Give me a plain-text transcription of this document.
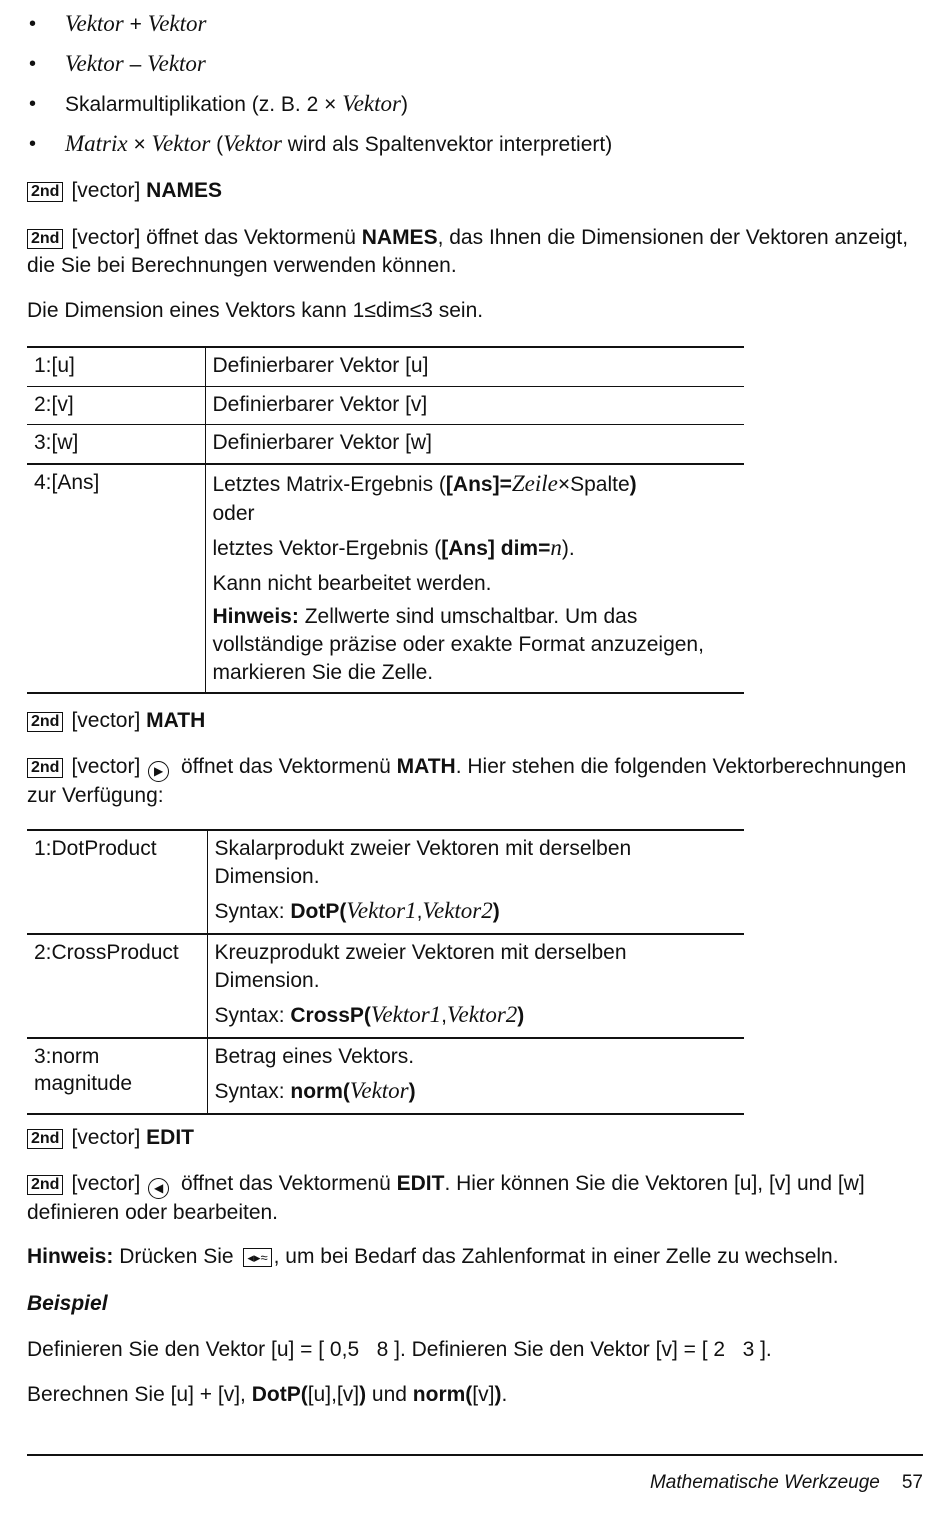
• Vektor + Vektor
• Vektor – Vektor
• Skalarmultiplikation (z. B. 2 × Vektor)
• Matrix × Vektor (Vektor wird als Spaltenvektor interpretiert)

2nd [vector] NAMES

2nd [vector] öffnet das Vektormenü NAMES, das Ihnen die Dimensionen der Vektoren anzeigt, die Sie bei Berechnungen verwenden können.

Die Dimension eines Vektors kann 1≤dim≤3 sein.

1:[u]	Definierbarer Vektor [u]
2:[v]	Definierbarer Vektor [v]
3:[w]	Definierbarer Vektor [w]
4:[Ans]	Letztes Matrix-Ergebnis ([Ans]=Zeile×Spalte)
oder
letztes Vektor-Ergebnis ([Ans] dim=n).
Kann nicht bearbeitet werden.
Hinweis: Zellwerte sind umschaltbar. Um das vollständige präzise oder exakte Format anzuzeigen, markieren Sie die Zelle.

2nd [vector] MATH

2nd [vector] ▶ öffnet das Vektormenü MATH. Hier stehen die folgenden Vektorberechnungen zur Verfügung:

1:DotProduct	Skalarprodukt zweier Vektoren mit derselben Dimension.
Syntax: DotP(Vektor1,Vektor2)

2:CrossProduct	Kreuzprodukt zweier Vektoren mit derselben Dimension.
Syntax: CrossP(Vektor1,Vektor2)

3:norm magnitude	Betrag eines Vektors.
Syntax: norm(Vektor)

2nd [vector] EDIT

2nd [vector] ◀ öffnet das Vektormenü EDIT. Hier können Sie die Vektoren [u], [v] und [w] definieren oder bearbeiten.

Hinweis: Drücken Sie ◂▸≈ , um bei Bedarf das Zahlenformat in einer Zelle zu wechseln.

Beispiel

Definieren Sie den Vektor [u] = [ 0,5   8 ]. Definieren Sie den Vektor [v] = [ 2   3 ].

Berechnen Sie [u] + [v], DotP([u],[v]) und norm([v]).

Mathematische Werkzeuge 57
